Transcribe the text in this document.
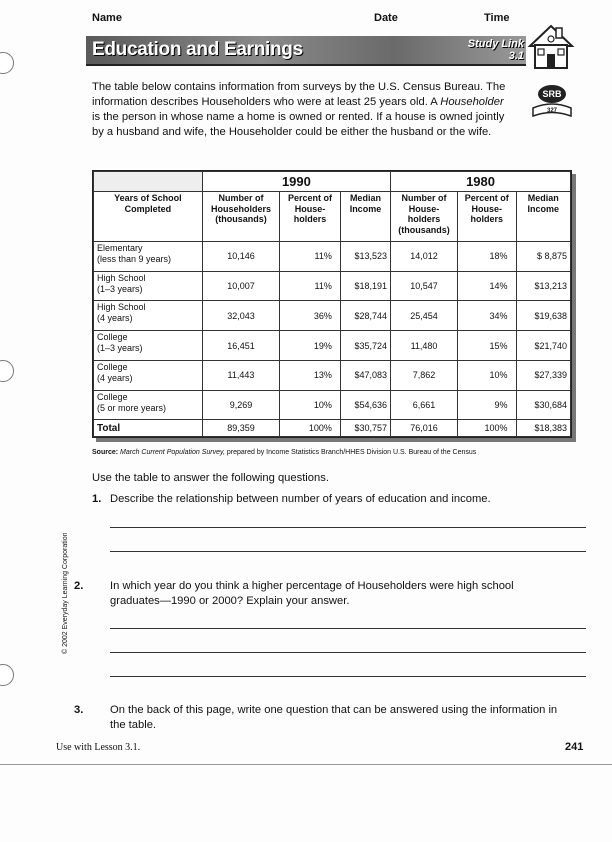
Name	Date	Time
Education and Earnings	Study Link
3.1
SRB
327

The table below contains information from surveys by the U.S. Census Bureau. The information describes Householders who were at least 25 years old. A Householder is the person in whose name a home is owned or rented. If a house is owned jointly by a husband and wife, the Householder could be either the husband or the wife.

	1990			1980		
Years of School Completed	Number of Householders (thousands)	Percent of House-holders	Median Income	Number of House-holders (thousands)	Percent of House-holders	Median Income

Elementary
(less than 9 years)	10,146	11%	$13,523	14,012	18%	$ 8,875

High School
(1–3 years)	10,007	11%	$18,191	10,547	14%	$13,213

High School
(4 years)	32,043	36%	$28,744	25,454	34%	$19,638

College
(1–3 years)	16,451	19%	$35,724	11,480	15%	$21,740

College
(4 years)	11,443	13%	$47,083	7,862	10%	$27,339

College
(5 or more years)	9,269	10%	$54,636	6,661	9%	$30,684
Total	89,359	100%	$30,757	76,016	100%	$18,383
Source: March Current Population Survey, prepared by Income Statistics Branch/HHES Division U.S. Bureau of the Census
Use the table to answer the following questions.
1. Describe the relationship between number of years of education and income.
2. In which year do you think a higher percentage of Householders were high school graduates—1990 or 2000? Explain your answer.
3. On the back of this page, write one question that can be answered using the information in the table.
© 2002 Everyday Learning Corporation
Use with Lesson 3.1.	241
